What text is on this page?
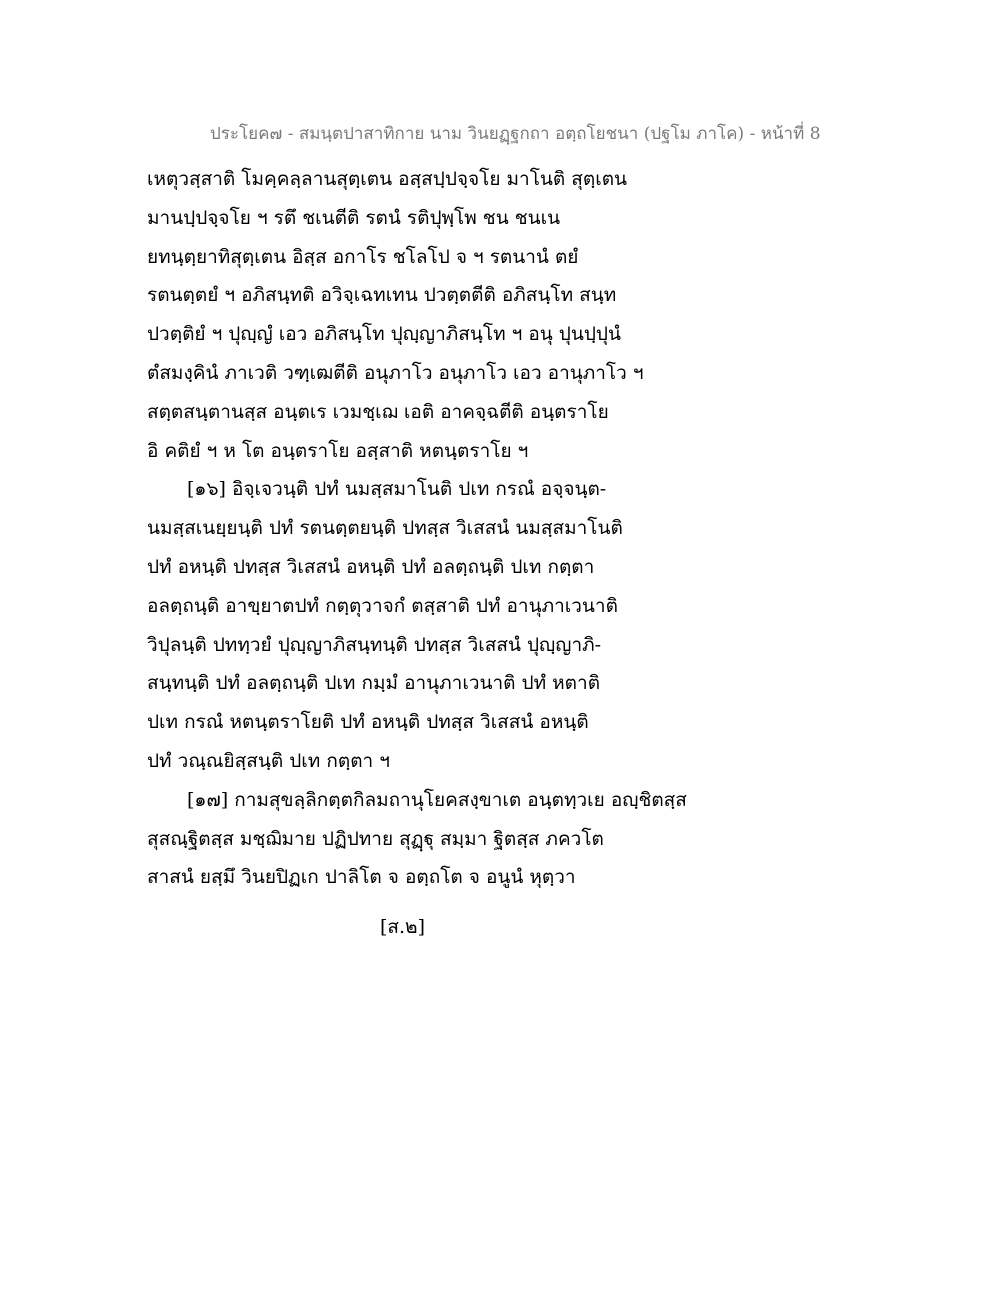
ประโยค๗ - สมนฺตปาสาทิกาย นาม วินยฏฺฐกถา อตฺถโยชนา (ปฐโม ภาโค) - หน้าที่ 8
เหตุวสฺสาติ โมคฺคลฺลานสุตฺเตน อสฺสปฺปจฺจโย มาโนติ สุตฺเตน
มานปฺปจฺจโย ฯ รตึ ชเนตีติ รตนํ รติปุพฺโพ ชน ชนเน
ยทนฺตฺยาทิสุตฺเตน อิสฺส อกาโร ชโลโป จ ฯ รตนานํ ตยํ
รตนตฺตยํ ฯ อภิสนฺทติ อวิจฺเฉทเทน ปวตฺตตีติ อภิสนฺโท สนฺท
ปวตฺติยํ ฯ ปุญฺญํ เอว อภิสนฺโท ปุญฺญาภิสนฺโท ฯ อนุ ปุนปฺปุนํ
ตํสมงฺคินํ ภาเวติ วฑฺเฒตีติ อนุภาโว อนุภาโว เอว อานุภาโว ฯ
สตฺตสนฺตานสฺส อนฺตเร เวมชฺเฌ เอติ อาคจฺฉตีติ อนฺตราโย
อิ คติยํ ฯ ห โต อนฺตราโย อสฺสาติ หตนฺตราโย ฯ
[๑๖] อิจฺเจวนฺติ ปทํ นมสฺสมาโนติ ปเท กรณํ อจฺจนฺต-
นมสฺสเนยฺยนฺติ ปทํ รตนตฺตยนฺติ ปทสฺส วิเสสนํ นมสฺสมาโนติ
ปทํ อหนฺติ ปทสฺส วิเสสนํ อหนฺติ ปทํ อลตฺถนฺติ ปเท กตฺตา
อลตฺถนฺติ อาขฺยาตปทํ กตฺตุวาจกํ ตสฺสาติ ปทํ อานุภาเวนาติ
วิปุลนฺติ ปททฺวยํ ปุญฺญาภิสนฺทนฺติ ปทสฺส วิเสสนํ ปุญฺญาภิ-
สนฺทนฺติ ปทํ อลตฺถนฺติ ปเท กมฺมํ อานุภาเวนาติ ปทํ หตาติ
ปเท กรณํ หตนฺตราโยติ ปทํ อหนฺติ ปทสฺส วิเสสนํ อหนฺติ
ปทํ วณฺณยิสฺสนฺติ ปเท กตฺตา ฯ
[๑๗] กามสุขลฺลิกตฺตกิลมถานุโยคสงฺขาเต อนฺตทฺวเย อญฺชิตสฺส
สุสณฺฐิตสฺส มชฺฌิมาย ปฏิปทาย สุฏฺฐุ สมฺมา ฐิตสฺส ภควโต
สาสนํ ยสฺมึ วินยปิฏเก ปาลิโต จ อตฺถโต จ อนูนํ หุตฺวา
[ส.๒]
